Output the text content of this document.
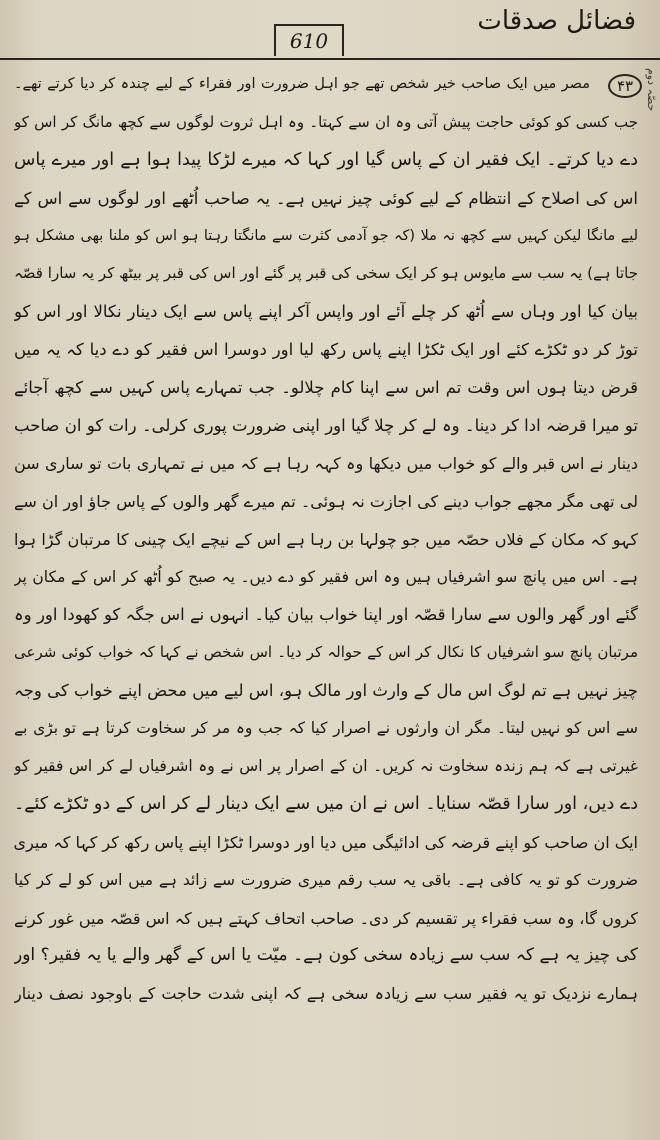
فضائل صدقات
610
حصّہ دوم
۴۳
مصر میں ایک صاحب خیر شخص تھے جو اہل ضرورت اور فقراء کے لیے چندہ کر دیا کرتے تھے۔
جب کسی کو کوئی حاجت پیش آتی وہ ان سے کہتا۔ وہ اہل ثروت لوگوں سے کچھ مانگ کر اس کو
دے دیا کرتے۔ ایک فقیر ان کے پاس گیا اور کہا کہ میرے لڑکا پیدا ہوا ہے اور میرے پاس
اس کی اصلاح کے انتظام کے لیے کوئی چیز نہیں ہے۔ یہ صاحب اُٹھے اور لوگوں سے اس کے
لیے مانگا لیکن کہیں سے کچھ نہ ملا (کہ جو آدمی کثرت سے مانگتا رہتا ہو اس کو ملنا بھی مشکل ہو
جاتا ہے) یہ سب سے مایوس ہو کر ایک سخی کی قبر پر گئے اور اس کی قبر پر بیٹھ کر یہ سارا قصّہ
بیان کیا اور وہاں سے اُٹھ کر چلے آئے اور واپس آکر اپنے پاس سے ایک دینار نکالا اور اس کو
توڑ کر دو ٹکڑے کئے اور ایک ٹکڑا اپنے پاس رکھ لیا اور دوسرا اس فقیر کو دے دیا کہ یہ میں
قرض دیتا ہوں اس وقت تم اس سے اپنا کام چلالو۔ جب تمہارے پاس کہیں سے کچھ آجائے
تو میرا قرضہ ادا کر دینا۔ وہ لے کر چلا گیا اور اپنی ضرورت پوری کرلی۔ رات کو ان صاحب
دینار نے اس قبر والے کو خواب میں دیکھا وہ کہہ رہا ہے کہ میں نے تمہاری بات تو ساری سن
لی تھی مگر مجھے جواب دینے کی اجازت نہ ہوئی۔ تم میرے گھر والوں کے پاس جاؤ اور ان سے
کہو کہ مکان کے فلاں حصّہ میں جو چولہا بن رہا ہے اس کے نیچے ایک چینی کا مرتبان گڑا ہوا
ہے۔ اس میں پانچ سو اشرفیاں ہیں وہ اس فقیر کو دے دیں۔ یہ صبح کو اُٹھ کر اس کے مکان پر
گئے اور گھر والوں سے سارا قصّہ اور اپنا خواب بیان کیا۔ انہوں نے اس جگہ کو کھودا اور وہ
مرتبان پانچ سو اشرفیاں کا نکال کر اس کے حوالہ کر دیا۔ اس شخص نے کہا کہ خواب کوئی شرعی
چیز نہیں ہے تم لوگ اس مال کے وارث اور مالک ہو، اس لیے میں محض اپنے خواب کی وجہ
سے اس کو نہیں لیتا۔ مگر ان وارثوں نے اصرار کیا کہ جب وہ مر کر سخاوت کرتا ہے تو بڑی بے
غیرتی ہے کہ ہم زندہ سخاوت نہ کریں۔ ان کے اصرار پر اس نے وہ اشرفیاں لے کر اس فقیر کو
دے دیں، اور سارا قصّہ سنایا۔ اس نے ان میں سے ایک دینار لے کر اس کے دو ٹکڑے کئے۔
ایک ان صاحب کو اپنے قرضہ کی ادائیگی میں دیا اور دوسرا ٹکڑا اپنے پاس رکھ کر کہا کہ میری
ضرورت کو تو یہ کافی ہے۔ باقی یہ سب رقم میری ضرورت سے زائد ہے میں اس کو لے کر کیا
کروں گا، وہ سب فقراء پر تقسیم کر دی۔ صاحب اتحاف کہتے ہیں کہ اس قصّہ میں غور کرنے
کی چیز یہ ہے کہ سب سے زیادہ سخی کون ہے۔ میّت یا اس کے گھر والے یا یہ فقیر؟ اور
ہمارے نزدیک تو یہ فقیر سب سے زیادہ سخی ہے کہ اپنی شدت حاجت کے باوجود نصف دینار
